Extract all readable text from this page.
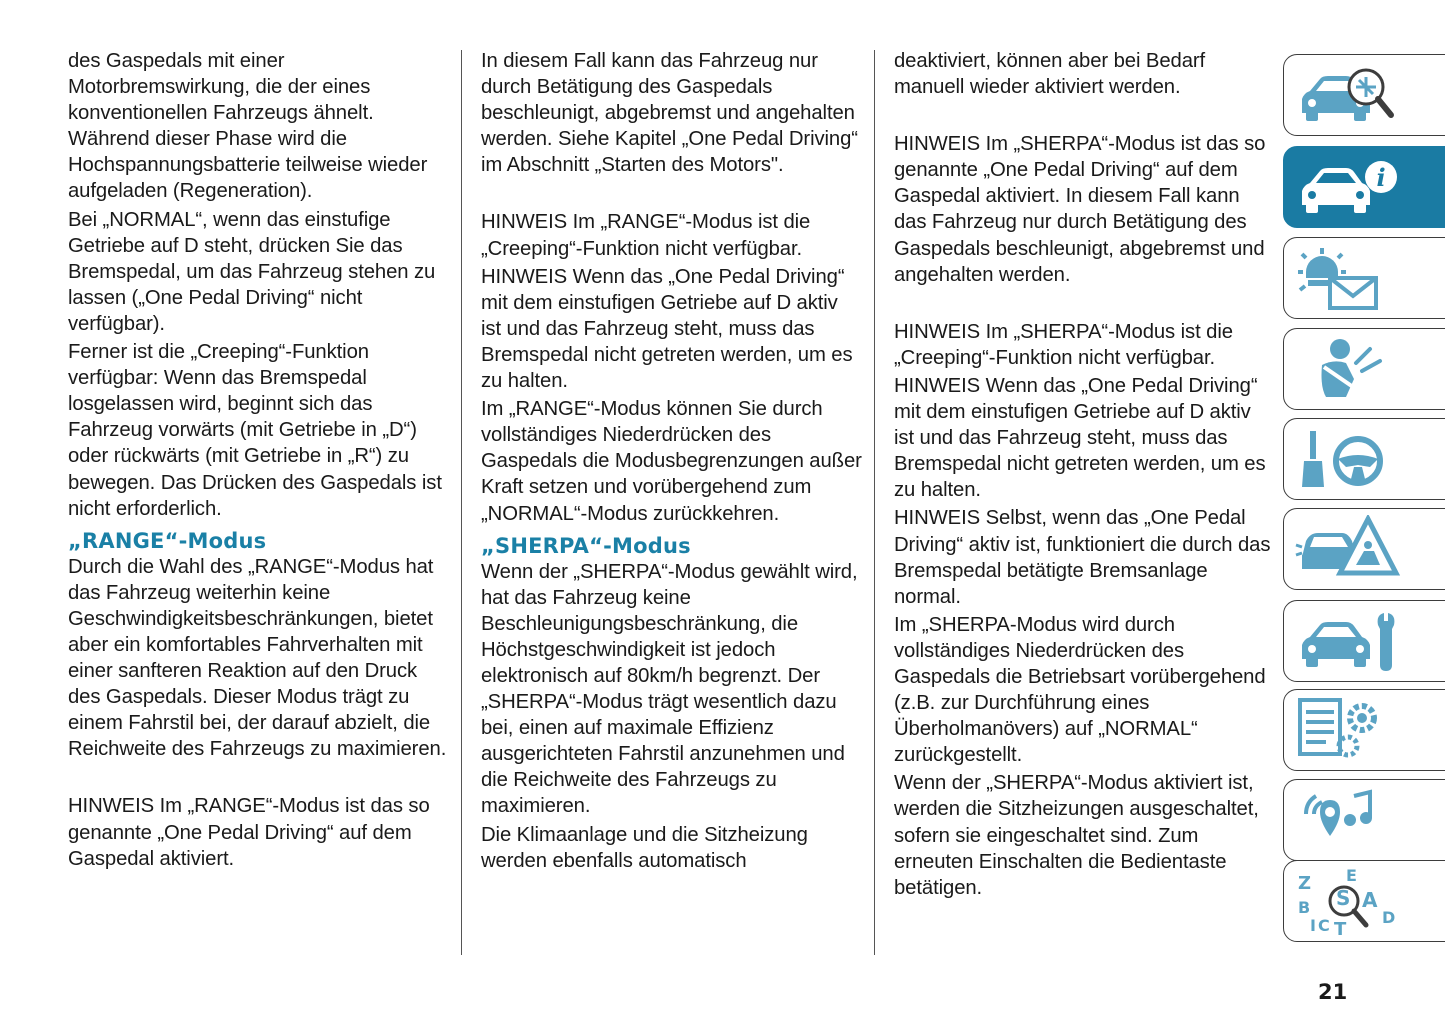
des Gaspedals mit einer Motorbremswirkung, die der eines konventionellen Fahrzeugs ähnelt. Während dieser Phase wird die Hochspannungsbatterie teilweise wieder aufgeladen (Regeneration).

Bei „NORMAL“, wenn das einstufige Getriebe auf D steht, drücken Sie das Bremspedal, um das Fahrzeug stehen zu lassen („One Pedal Driving“ nicht verfügbar).

Ferner ist die „Creeping“-Funktion verfügbar: Wenn das Bremspedal losgelassen wird, beginnt sich das Fahrzeug vorwärts (mit Getriebe in „D“) oder rückwärts (mit Getriebe in „R“) zu bewegen. Das Drücken des Gaspedals ist nicht erforderlich.

„RANGE“-Modus

Durch die Wahl des „RANGE“-Modus hat das Fahrzeug weiterhin keine Geschwindigkeitsbeschränkungen, bietet aber ein komfortables Fahrverhalten mit einer sanfteren Reaktion auf den Druck des Gaspedals. Dieser Modus trägt zu einem Fahrstil bei, der darauf abzielt, die Reichweite des Fahrzeugs zu maximieren.

HINWEIS Im „RANGE“-Modus ist das so genannte „One Pedal Driving“ auf dem Gaspedal aktiviert.

In diesem Fall kann das Fahrzeug nur durch Betätigung des Gaspedals beschleunigt, abgebremst und angehalten werden. Siehe Kapitel „One Pedal Driving“ im Abschnitt „Starten des Motors".

HINWEIS Im „RANGE“-Modus ist die „Creeping“-Funktion nicht verfügbar.

HINWEIS Wenn das „One Pedal Driving“ mit dem einstufigen Getriebe auf D aktiv ist und das Fahrzeug steht, muss das Bremspedal nicht getreten werden, um es zu halten.

Im „RANGE“-Modus können Sie durch vollständiges Niederdrücken des Gaspedals die Modusbegrenzungen außer Kraft setzen und vorübergehend zum „NORMAL“-Modus zurückkehren.

„SHERPA“-Modus

Wenn der „SHERPA“-Modus gewählt wird, hat das Fahrzeug keine Beschleunigungsbeschränkung, die Höchstgeschwindigkeit ist jedoch elektronisch auf 80km/h begrenzt. Der „SHERPA“-Modus trägt wesentlich dazu bei, einen auf maximale Effizienz ausgerichteten Fahrstil anzunehmen und die Reichweite des Fahrzeugs zu maximieren.

Die Klimaanlage und die Sitzheizung werden ebenfalls automatisch

deaktiviert, können aber bei Bedarf manuell wieder aktiviert werden.

HINWEIS Im „SHERPA“-Modus ist das so genannte „One Pedal Driving“ auf dem Gaspedal aktiviert. In diesem Fall kann das Fahrzeug nur durch Betätigung des Gaspedals beschleunigt, abgebremst und angehalten werden.

HINWEIS Im „SHERPA“-Modus ist die „Creeping“-Funktion nicht verfügbar.

HINWEIS Wenn das „One Pedal Driving“ mit dem einstufigen Getriebe auf D aktiv ist und das Fahrzeug steht, muss das Bremspedal nicht getreten werden, um es zu halten.

HINWEIS Selbst, wenn das „One Pedal Driving“ aktiv ist, funktioniert die durch das Bremspedal betätigte Bremsanlage normal.

Im „SHERPA-Modus wird durch vollständiges Niederdrücken des Gaspedals die Betriebsart vorübergehend (z.B. zur Durchführung eines Überholmanövers) auf „NORMAL“ zurückgestellt.

Wenn der „SHERPA“-Modus aktiviert ist, werden die Sitzheizungen ausgeschaltet, sofern sie eingeschaltet sind. Zum erneuten Einschalten die Bedientaste betätigen.

i
Z E
S A
B
I C T
D
21
